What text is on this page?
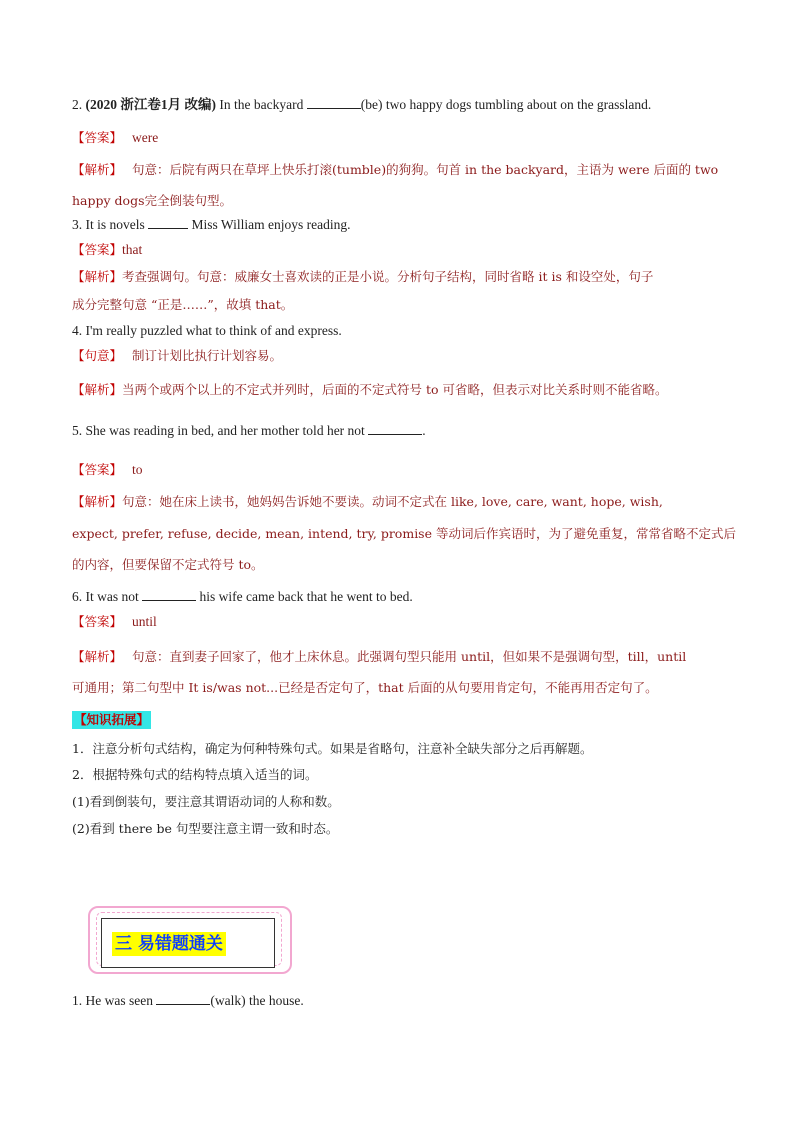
2. (2020 浙江卷1月 改编) In the backyard	(be) two happy dogs tumbling about on the grassland.
【答案】 were
【解析】 句意：后院有两只在草坪上快乐打滚(tumble)的狗狗。句首 in the backyard，主语为 were 后面的 two
happy dogs完全倒装句型。
3. It is novels	Miss William enjoys reading.
【答案】that
【解析】考查强调句。句意：威廉女士喜欢读的正是小说。分析句子结构，同时省略 it is 和设空处，句子
成分完整句意 “正是……”，故填 that。
4. I'm really puzzled what to think of and express.
【句意】 制订计划比执行计划容易。
【解析】当两个或两个以上的不定式并列时，后面的不定式符号 to 可省略，但表示对比关系时则不能省略。
5. She was reading in bed, and her mother told her not	.
【答案】 to
【解析】句意：她在床上读书，她妈妈告诉她不要读。动词不定式在 like, love, care, want, hope, wish,
expect, prefer, refuse, decide, mean, intend, try, promise 等动词后作宾语时，为了避免重复，常常省略不定式后
的内容，但要保留不定式符号 to。
6. It was not	his wife came back that he went to bed.
【答案】 until
【解析】 句意：直到妻子回家了，他才上床休息。此强调句型只能用 until，但如果不是强调句型，till，until
可通用；第二句型中 It is/was not...已经是否定句了，that 后面的从句要用肯定句，不能再用否定句了。
【知识拓展】
1．注意分析句式结构，确定为何种特殊句式。如果是省略句，注意补全缺失部分之后再解题。
2．根据特殊句式的结构特点填入适当的词。
(1)看到倒装句，要注意其谓语动词的人称和数。
(2)看到 there be 句型要注意主谓一致和时态。
三 易错题通关
1. He was seen	(walk) the house.
